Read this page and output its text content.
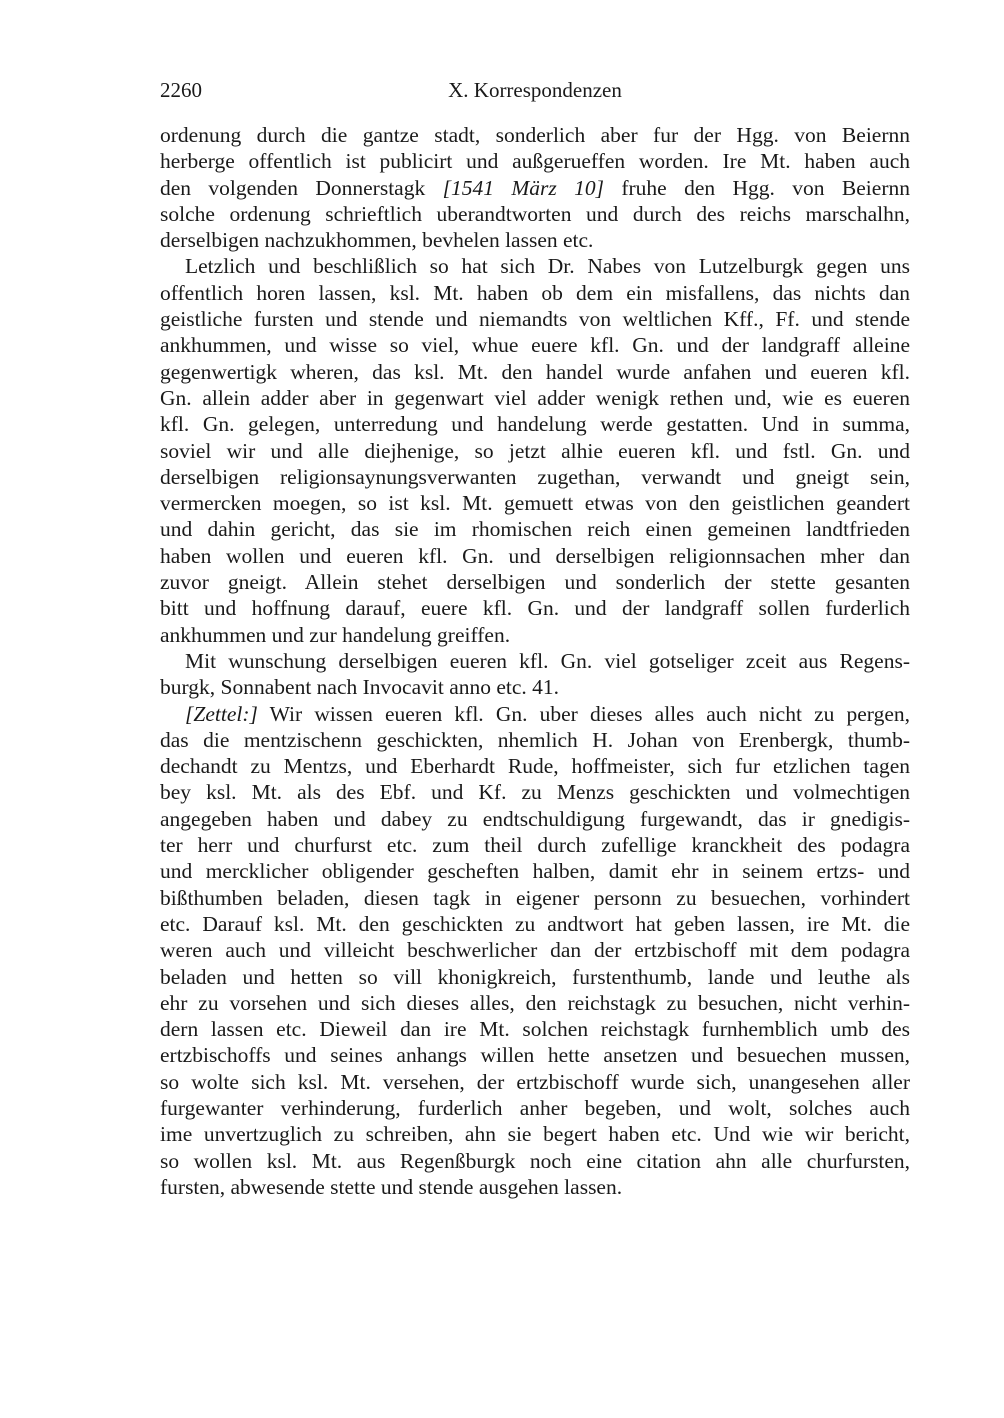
2260	X. Korrespondenzen
ordenung durch die gantze stadt, sonderlich aber fur der Hgg. von Beiernn
herberge offentlich ist publicirt und außgerueffen worden. Ire Mt. haben auch
den volgenden Donnerstagk [1541 März 10] fruhe den Hgg. von Beiernn
solche ordenung schrieftlich uberandtworten und durch des reichs marschalhn,
derselbigen nachzukhommen, bevhelen lassen etc.
Letzlich und beschlißlich so hat sich Dr. Nabes von Lutzelburgk gegen uns
offentlich horen lassen, ksl. Mt. haben ob dem ein misfallens, das nichts dan
geistliche fursten und stende und niemandts von weltlichen Kff., Ff. und stende
ankhummen, und wisse so viel, whue euere kfl. Gn. und der landgraff alleine
gegenwertigk wheren, das ksl. Mt. den handel wurde anfahen und eueren kfl.
Gn. allein adder aber in gegenwart viel adder wenigk rethen und, wie es eueren
kfl. Gn. gelegen, unterredung und handelung werde gestatten. Und in summa,
soviel wir und alle diejhenige, so jetzt alhie eueren kfl. und fstl. Gn. und
derselbigen religionsaynungsverwanten zugethan, verwandt und gneigt sein,
vermercken moegen, so ist ksl. Mt. gemuett etwas von den geistlichen geandert
und dahin gericht, das sie im rhomischen reich einen gemeinen landtfrieden
haben wollen und eueren kfl. Gn. und derselbigen religionnsachen mher dan
zuvor gneigt. Allein stehet derselbigen und sonderlich der stette gesanten
bitt und hoffnung darauf, euere kfl. Gn. und der landgraff sollen furderlich
ankhummen und zur handelung greiffen.
Mit wunschung derselbigen eueren kfl. Gn. viel gotseliger zceit aus Regens-
burgk, Sonnabent nach Invocavit anno etc. 41.
[Zettel:] Wir wissen eueren kfl. Gn. uber dieses alles auch nicht zu pergen,
das die mentzischenn geschickten, nhemlich H. Johan von Erenbergk, thumb-
dechandt zu Mentzs, und Eberhardt Rude, hoffmeister, sich fur etzlichen tagen
bey ksl. Mt. als des Ebf. und Kf. zu Menzs geschickten und volmechtigen
angegeben haben und dabey zu endtschuldigung furgewandt, das ir gnedigis-
ter herr und churfurst etc. zum theil durch zufellige kranckheit des podagra
und mercklicher obligender gescheften halben, damit ehr in seinem ertzs- und
bißthumben beladen, diesen tagk in eigener personn zu besuechen, vorhindert
etc. Darauf ksl. Mt. den geschickten zu andtwort hat geben lassen, ire Mt. die
weren auch und villeicht beschwerlicher dan der ertzbischoff mit dem podagra
beladen und hetten so vill khonigkreich, furstenthumb, lande und leuthe als
ehr zu vorsehen und sich dieses alles, den reichstagk zu besuchen, nicht verhin-
dern lassen etc. Dieweil dan ire Mt. solchen reichstagk furnhemblich umb des
ertzbischoffs und seines anhangs willen hette ansetzen und besuechen mussen,
so wolte sich ksl. Mt. versehen, der ertzbischoff wurde sich, unangesehen aller
furgewanter verhinderung, furderlich anher begeben, und wolt, solches auch
ime unvertzuglich zu schreiben, ahn sie begert haben etc. Und wie wir bericht,
so wollen ksl. Mt. aus Regenßburgk noch eine citation ahn alle churfursten,
fursten, abwesende stette und stende ausgehen lassen.
